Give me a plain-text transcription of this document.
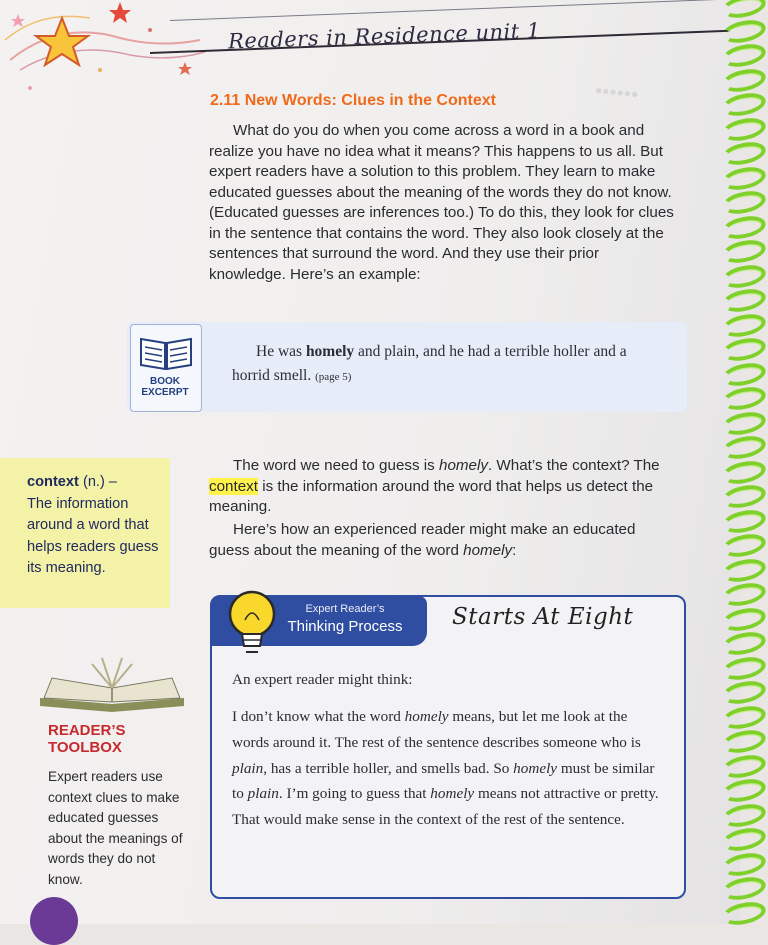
●●●●●●
Readers in Residence unit 1
2.11 New Words: Clues in the Context
What do you do when you come across a word in a book and realize you have no idea what it means? This happens to us all. But expert readers have a solution to this problem. They learn to make educated guesses about the meaning of the words they do not know. (Educated guesses are inferences too.) To do this, they look for clues in the sentence that contains the word. They also look closely at the sentences that surround the word. And they use their prior knowledge. Here’s an example:
BOOK
EXCERPT
He was homely and plain, and he had a terrible holler and a horrid smell. (page 5)
context (n.) –
The information around a word that helps readers guess its meaning.
The word we need to guess is homely. What’s the context? The context is the information around the word that helps us detect the meaning.
Here’s how an experienced reader might make an educated guess about the meaning of the word homely:
READER’S
TOOLBOX
Expert readers use context clues to make educated guesses about the meanings of words they do not know.
Expert Reader’s
Thinking Process	Starts At Eight
An expert reader might think:
I don’t know what the word homely means, but let me look at the words around it. The rest of the sentence describes someone who is plain, has a terrible holler, and smells bad. So homely must be similar to plain. I’m going to guess that homely means not attractive or pretty. That would make sense in the context of the rest of the sentence.
